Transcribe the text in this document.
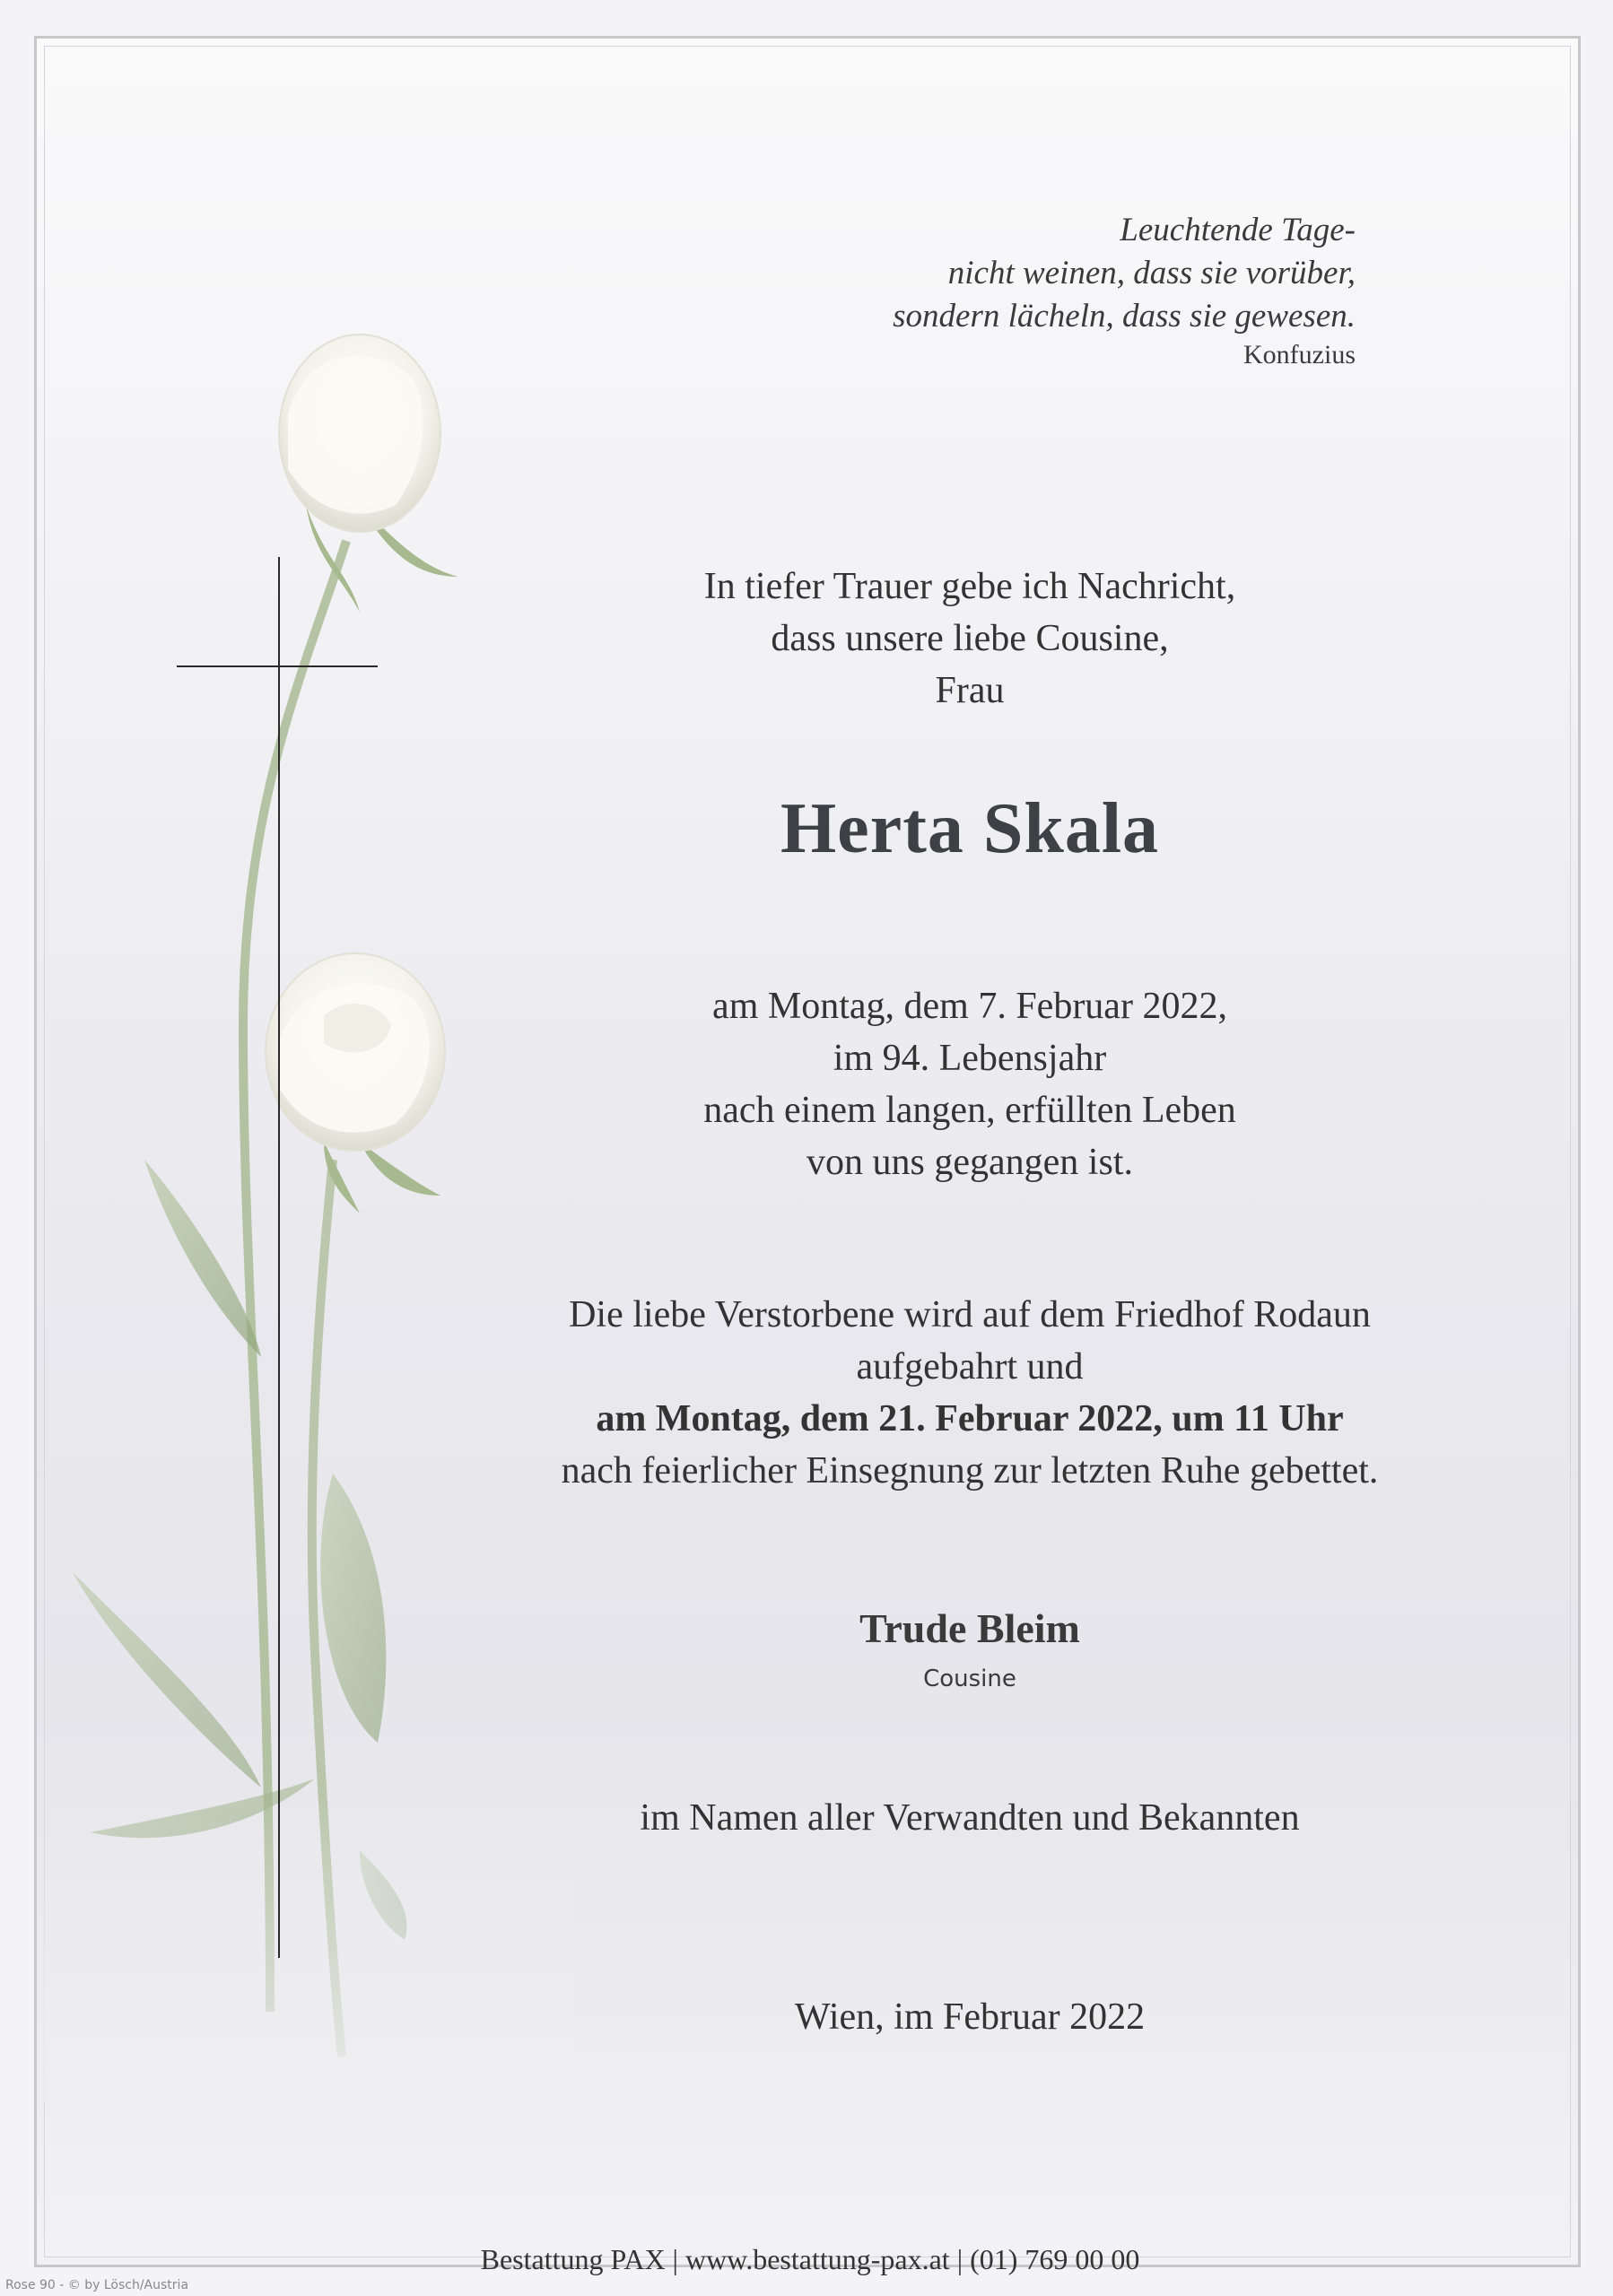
Leuchtende Tage-
nicht weinen, dass sie vorüber,
sondern lächeln, dass sie gewesen.
Konfuzius
In tiefer Trauer gebe ich Nachricht,
dass unsere liebe Cousine,
Frau
Herta Skala
am Montag, dem 7. Februar 2022,
im 94. Lebensjahr
nach einem langen, erfüllten Leben
von uns gegangen ist.
Die liebe Verstorbene wird auf dem Friedhof Rodaun
aufgebahrt und
am Montag, dem 21. Februar 2022, um 11 Uhr
nach feierlicher Einsegnung zur letzten Ruhe gebettet.
Trude Bleim
Cousine
im Namen aller Verwandten und Bekannten
Wien, im Februar 2022
Bestattung PAX | www.bestattung-pax.at | (01) 769 00 00
Rose 90 - © by Lösch/Austria
